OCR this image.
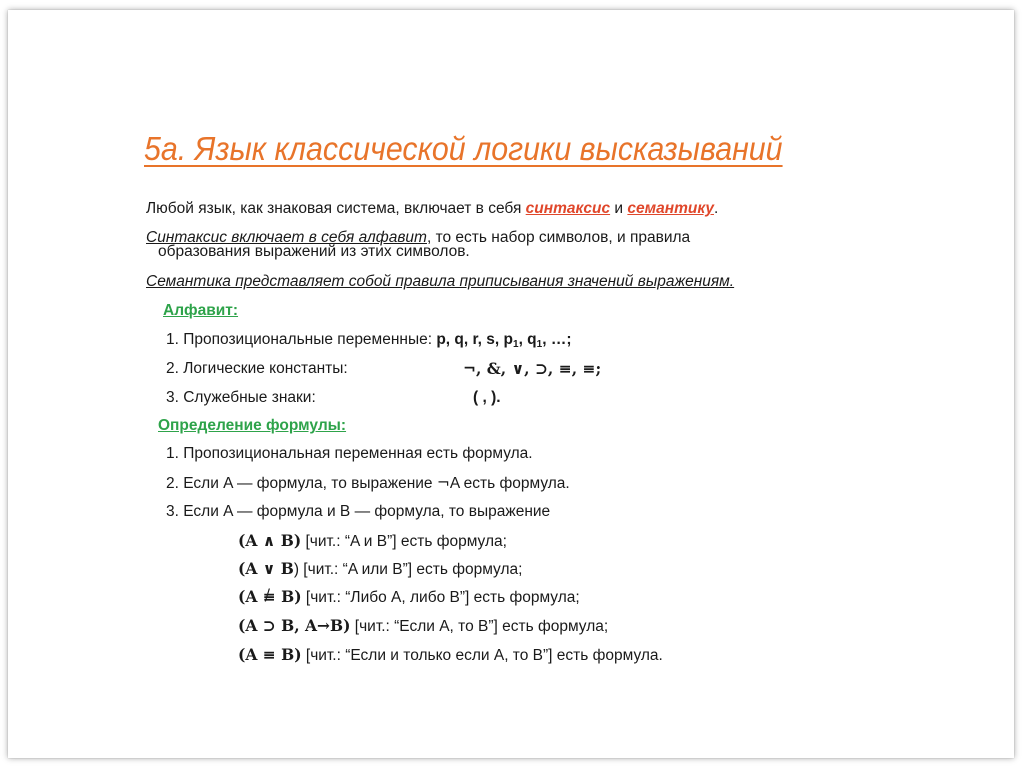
5а. Язык классической логики высказываний
Любой язык, как знаковая система, включает в себя синтаксис и семантику.
Синтаксис включает в себя алфавит, то есть набор символов, и правила
образования выражений из этих символов.
Семантика представляет собой правила приписывания значений выражениям.
Алфавит:
1. Пропозициональные переменные: p, q, r, s, $p_1$, $q_1$, …;
2. Логические константы:	¬, &, ∨, ⊃, ≡, ≡;
3. Служебные знаки:	( , ).
Определение формулы:
1. Пропозициональная переменная есть формула.
2. Если A — формула, то выражение ¬A есть формула.
3. Если A — формула и B — формула, то выражение
(A ∧ B) [чит.: “A и B”] есть формула;
(A ∨ B) [чит.: “A или B”] есть формула;
(A ≡ / B) [чит.: “Либо A, либо B”] есть формула;
(A ⊃ B, A→B) [чит.: “Если A, то B”] есть формула;
(A ≡ B) [чит.: “Если и только если A, то B”] есть формула.
